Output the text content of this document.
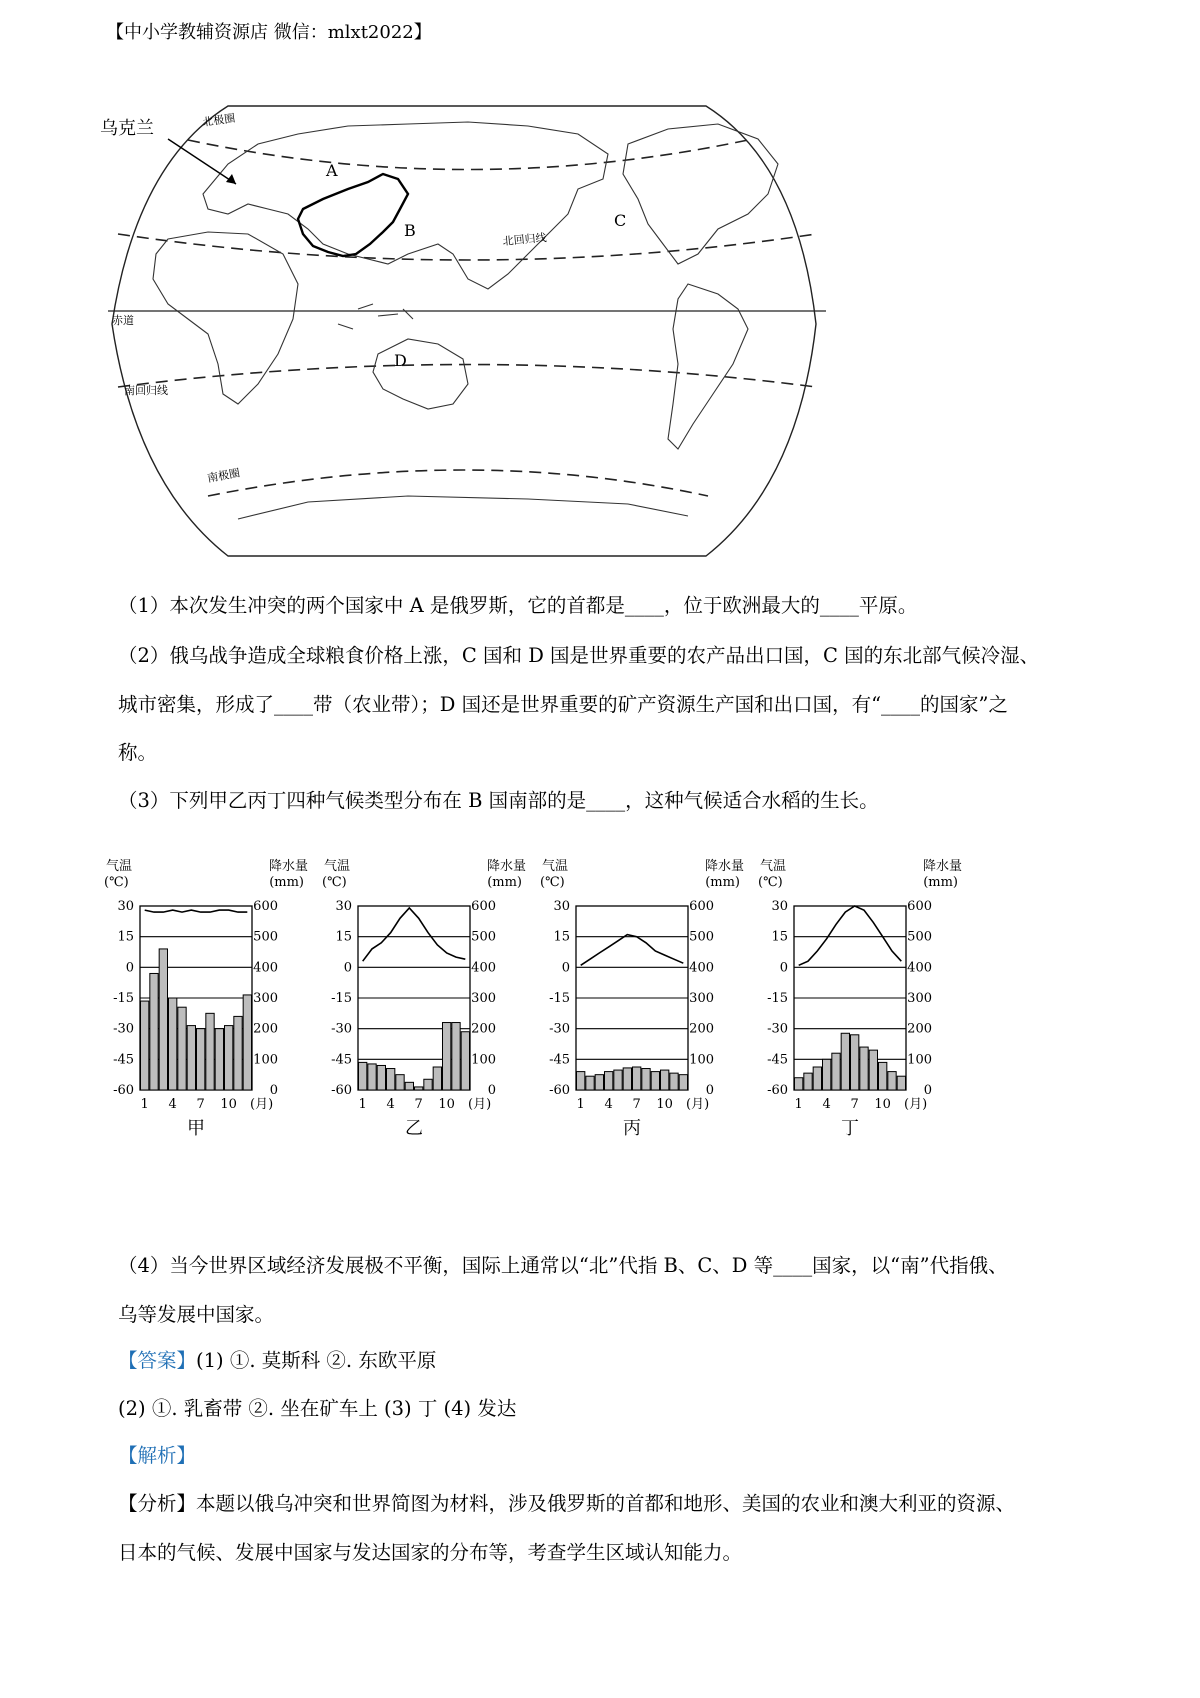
【中小学教辅资源店 微信：mlxt2022】
乌克兰	北极圈
北回归线
赤道
南回归线
南极圈
A
B
C
D
（1）本次发生冲突的两个国家中 A 是俄罗斯，它的首都是____，位于欧洲最大的____平原。
（2）俄乌战争造成全球粮食价格上涨，C 国和 D 国是世界重要的农产品出口国，C 国的东北部气候冷湿、
城市密集，形成了____带（农业带）；D 国还是世界重要的矿产资源生产国和出口国，有“____的国家”之
称。
（3）下列甲乙丙丁四种气候类型分布在 B 国南部的是____，这种气候适合水稻的生长。
气温
(℃)
降水量
(mm)
30	600
15	500
0	400
-15	300
-30	200
-45	100
-60	0
1 4 7 10 (月)
甲
气温
(℃)
降水量
(mm)
30	600
15	500
0	400
-15	300
-30	200
-45	100
-60	0
1 4 7 10 (月)
乙
气温
(℃)
降水量
(mm)
30	600
15	500
0	400
-15	300
-30	200
-45	100
-60	0
1 4 7 10 (月)
丙
气温
(℃)
降水量
(mm)
30	600
15	500
0	400
-15	300
-30	200
-45	100
-60	0
1 4 7 10 (月)
丁
（4）当今世界区域经济发展极不平衡，国际上通常以“北”代指 B、C、D 等____国家，以“南”代指俄、
乌等发展中国家。
【答案】(1) ①. 莫斯科 ②. 东欧平原
(2) ①. 乳畜带 ②. 坐在矿车上 (3) 丁 (4) 发达
【解析】
【分析】本题以俄乌冲突和世界简图为材料，涉及俄罗斯的首都和地形、美国的农业和澳大利亚的资源、
日本的气候、发展中国家与发达国家的分布等，考查学生区域认知能力。
